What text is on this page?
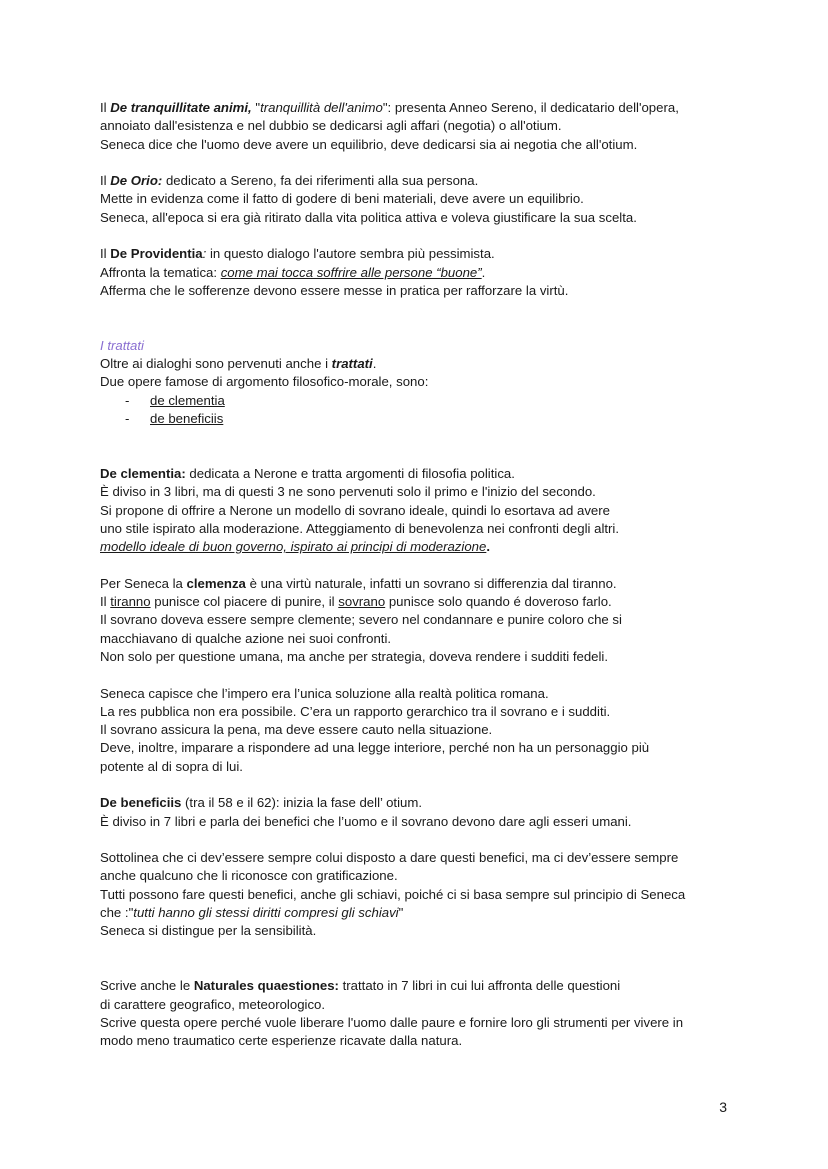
Il De tranquillitate animi, "tranquillità dell'animo": presenta Anneo Sereno, il dedicatario dell'opera,

annoiato dall'esistenza e nel dubbio se dedicarsi agli affari (negotia) o all'otium.

Seneca dice che l'uomo deve avere un equilibrio, deve dedicarsi sia ai negotia che all'otium.

Il De Orio: dedicato a Sereno, fa dei riferimenti alla sua persona.

Mette in evidenza come il fatto di godere di beni materiali, deve avere un equilibrio.

Seneca, all'epoca si era già ritirato dalla vita politica attiva e voleva giustificare la sua scelta.

Il De Providentia: in questo dialogo l'autore sembra più pessimista.

Affronta la tematica: come mai tocca soffrire alle persone “buone”.

Afferma che le sofferenze devono essere messe in pratica per rafforzare la virtù.

I trattati

Oltre ai dialoghi sono pervenuti anche i trattati.

Due opere famose di argomento filosofico-morale, sono:

- de clementia
- de beneficiis

De clementia: dedicata a Nerone e tratta argomenti di filosofia politica.

È diviso in 3 libri, ma di questi 3 ne sono pervenuti solo il primo e l'inizio del secondo.

Si propone di offrire a Nerone un modello di sovrano ideale, quindi lo esortava ad avere

uno stile ispirato alla moderazione. Atteggiamento di benevolenza nei confronti degli altri.

modello ideale di buon governo, ispirato ai principi di moderazione.

Per Seneca la clemenza è una virtù naturale, infatti un sovrano si differenzia dal tiranno.

Il tiranno punisce col piacere di punire, il sovrano punisce solo quando é doveroso farlo.

Il sovrano doveva essere sempre clemente; severo nel condannare e punire coloro che si

macchiavano di qualche azione nei suoi confronti.

Non solo per questione umana, ma anche per strategia, doveva rendere i sudditi fedeli.

Seneca capisce che l’impero era l’unica soluzione alla realtà politica romana.

La res pubblica non era possibile. C’era un rapporto gerarchico tra il sovrano e i sudditi.

Il sovrano assicura la pena, ma deve essere cauto nella situazione.

Deve, inoltre, imparare a rispondere ad una legge interiore, perché non ha un personaggio più

potente al di sopra di lui.

De beneficiis (tra il 58 e il 62): inizia la fase dell’ otium.

È diviso in 7 libri e parla dei benefici che l’uomo e il sovrano devono dare agli esseri umani.

Sottolinea che ci dev’essere sempre colui disposto a dare questi benefici, ma ci dev’essere sempre

anche qualcuno che li riconosce con gratificazione.

Tutti possono fare questi benefici, anche gli schiavi, poiché ci si basa sempre sul principio di Seneca

che :"tutti hanno gli stessi diritti compresi gli schiavi"

Seneca si distingue per la sensibilità.

Scrive anche le Naturales quaestiones: trattato in 7 libri in cui lui affronta delle questioni

di carattere geografico, meteorologico.

Scrive questa opere perché vuole liberare l'uomo dalle paure e fornire loro gli strumenti per vivere in

modo meno traumatico certe esperienze ricavate dalla natura.

3
